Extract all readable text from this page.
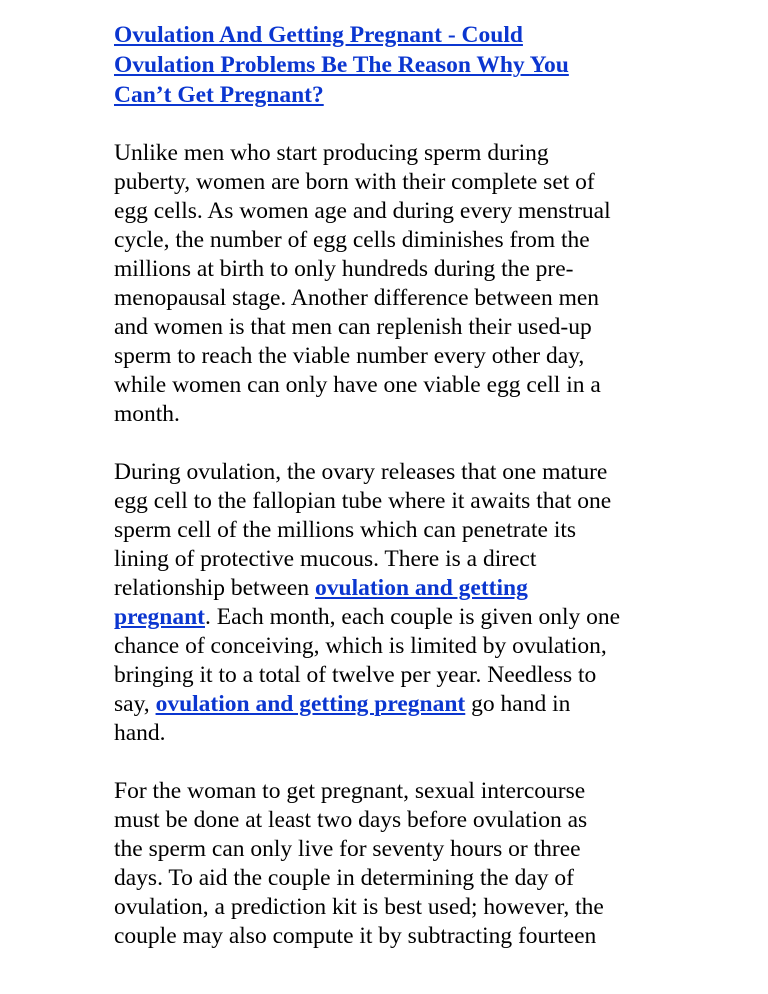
Ovulation And Getting Pregnant - Could
Ovulation Problems Be The Reason Why You
Can’t Get Pregnant?

Unlike men who start producing sperm during
puberty, women are born with their complete set of
egg cells. As women age and during every menstrual
cycle, the number of egg cells diminishes from the
millions at birth to only hundreds during the pre-
menopausal stage. Another difference between men
and women is that men can replenish their used-up
sperm to reach the viable number every other day,
while women can only have one viable egg cell in a
month.

During ovulation, the ovary releases that one mature
egg cell to the fallopian tube where it awaits that one
sperm cell of the millions which can penetrate its
lining of protective mucous. There is a direct
relationship between ovulation and getting
pregnant. Each month, each couple is given only one
chance of conceiving, which is limited by ovulation,
bringing it to a total of twelve per year. Needless to
say, ovulation and getting pregnant go hand in
hand.

For the woman to get pregnant, sexual intercourse
must be done at least two days before ovulation as
the sperm can only live for seventy hours or three
days. To aid the couple in determining the day of
ovulation, a prediction kit is best used; however, the
couple may also compute it by subtracting fourteen
